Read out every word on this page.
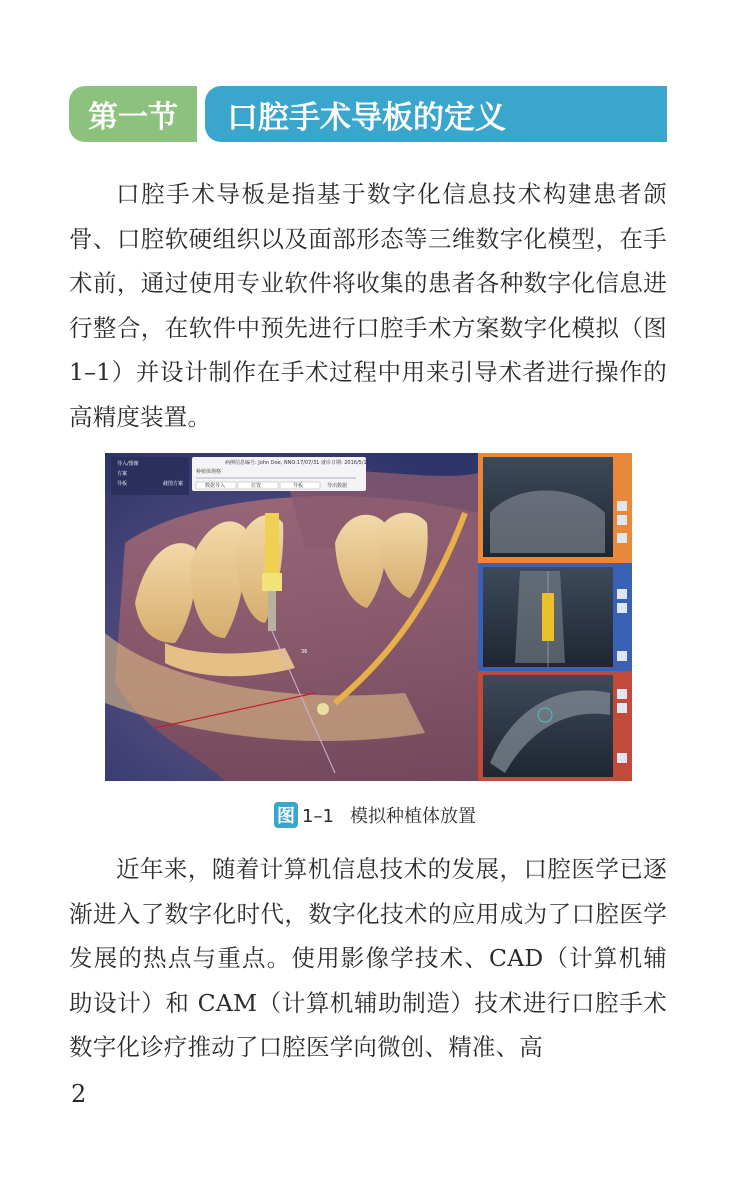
第一节	口腔手术导板的定义

口腔手术导板是指基于数字化信息技术构建患者颌骨、口腔软硬组织以及面部形态等三维数字化模型，在手术前，通过使用专业软件将收集的患者各种数字化信息进行整合，在软件中预先进行口腔手术方案数字化模拟（图 1–1）并设计制作在手术过程中用来引导术者进行操作的高精度装置。

36
导入/图像
方案
导板	截图方案
病例信息编号: John Doe, NNO:17/07/31 就诊日期: 2016/5/18
种植体规格
数据导入	位置	导板	导出数据
图 1–1 模拟种植体放置

近年来，随着计算机信息技术的发展，口腔医学已逐渐进入了数字化时代，数字化技术的应用成为了口腔医学发展的热点与重点。使用影像学技术、CAD（计算机辅助设计）和 CAM（计算机辅助制造）技术进行口腔手术数字化诊疗推动了口腔医学向微创、精准、高

2
